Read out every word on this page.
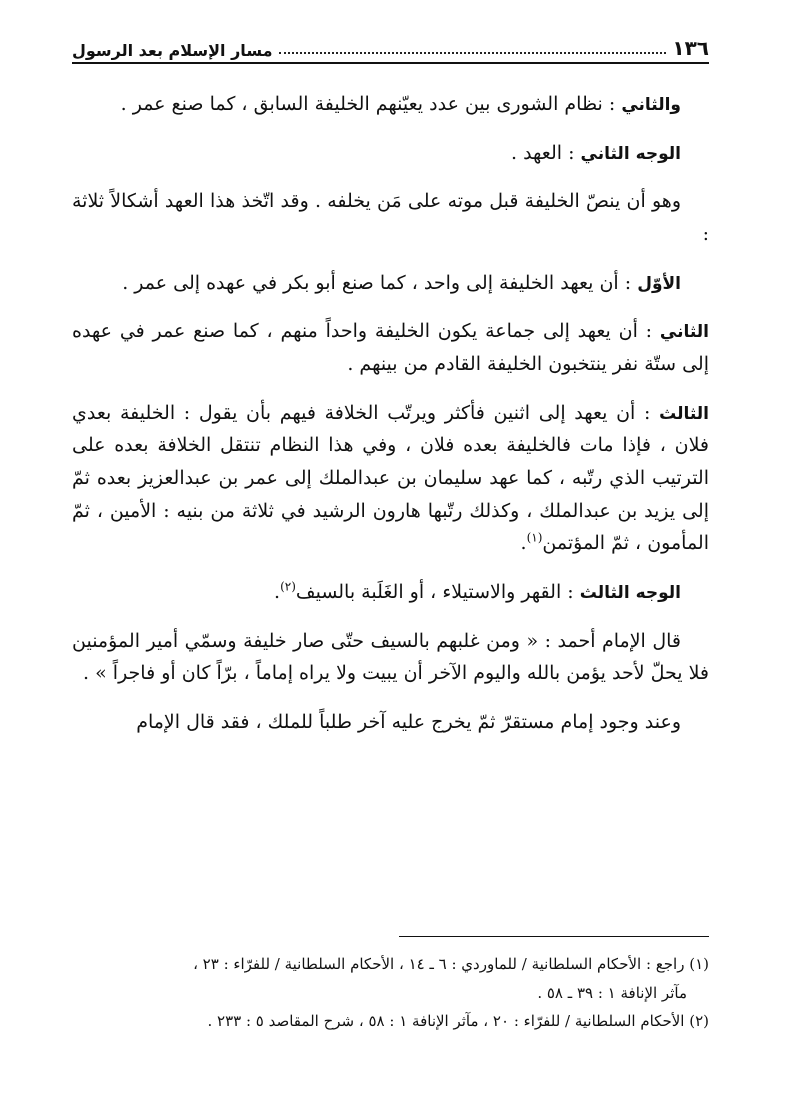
١٣٦
مسار الإسلام بعد الرسول

والثاني : نظام الشورى بين عدد يعيّنهم الخليفة السابق ، كما صنع عمر .

الوجه الثاني : العهد .

وهو أن ينصّ الخليفة قبل موته على مَن يخلفه . وقد اتّخذ هذا العهد أشكالاً ثلاثة :

الأوّل : أن يعهد الخليفة إلى واحد ، كما صنع أبو بكر في عهده إلى عمر .

الثاني : أن يعهد إلى جماعة يكون الخليفة واحداً منهم ، كما صنع عمر في عهده إلى ستّة نفر ينتخبون الخليفة القادم من بينهم .

الثالث : أن يعهد إلى اثنين فأكثر ويرتّب الخلافة فيهم بأن يقول : الخليفة بعدي فلان ، فإذا مات فالخليفة بعده فلان ، وفي هذا النظام تنتقل الخلافة بعده على الترتيب الذي رتّبه ، كما عهد سليمان بن عبدالملك إلى عمر بن عبدالعزيز بعده ثمّ إلى يزيد بن عبدالملك ، وكذلك رتّبها هارون الرشيد في ثلاثة من بنيه : الأمين ، ثمّ المأمون ، ثمّ المؤتمن$^{(١)}$.

الوجه الثالث : القهر والاستيلاء ، أو الغَلَبة بالسيف$^{(٢)}$.

قال الإمام أحمد : « ومن غلبهم بالسيف حتّى صار خليفة وسمّي أمير المؤمنين فلا يحلّ لأحد يؤمن بالله واليوم الآخر أن يبيت ولا يراه إماماً ، برّاً كان أو فاجراً » .

وعند وجود إمام مستقرّ ثمّ يخرج عليه آخر طلباً للملك ، فقد قال الإمام

(١) راجع : الأحكام السلطانية / للماوردي : ٦ ـ ١٤ ، الأحكام السلطانية / للفرّاء : ٢٣ ،

مآثر الإنافة ١ : ٣٩ ـ ٥٨ .

(٢) الأحكام السلطانية / للفرّاء : ٢٠ ، مآثر الإنافة ١ : ٥٨ ، شرح المقاصد ٥ : ٢٣٣ .
